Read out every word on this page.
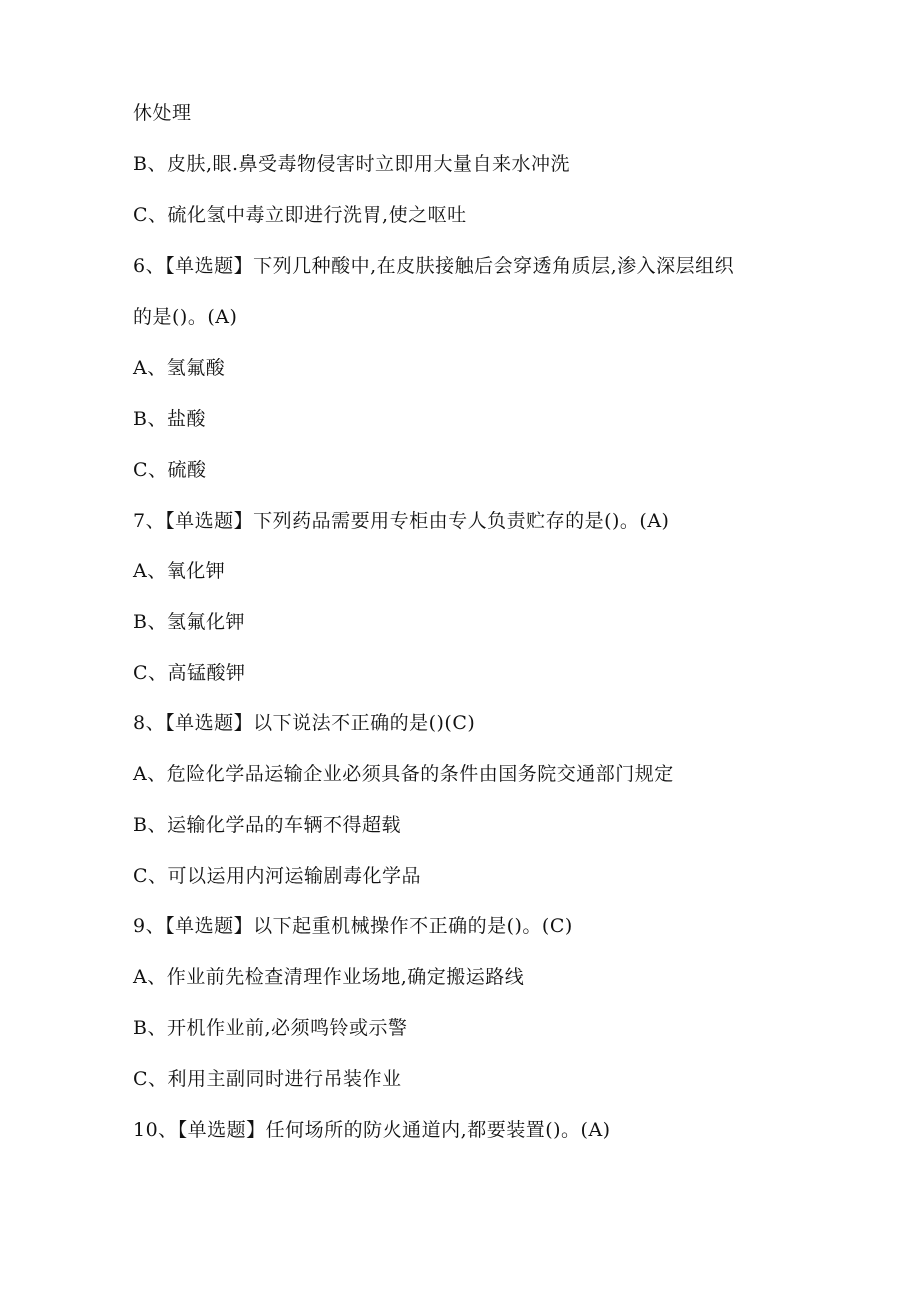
休处理
B、皮肤,眼.鼻受毒物侵害时立即用大量自来水冲洗
C、硫化氢中毒立即进行洗胃,使之呕吐
6、【单选题】下列几种酸中,在皮肤接触后会穿透角质层,渗入深层组织
的是()。(A)
A、氢氟酸
B、盐酸
C、硫酸
7、【单选题】下列药品需要用专柜由专人负责贮存的是()。(A)
A、氧化钾
B、氢氟化钾
C、高锰酸钾
8、【单选题】以下说法不正确的是()(C)
A、危险化学品运输企业必须具备的条件由国务院交通部门规定
B、运输化学品的车辆不得超载
C、可以运用内河运输剧毒化学品
9、【单选题】以下起重机械操作不正确的是()。(C)
A、作业前先检查清理作业场地,确定搬运路线
B、开机作业前,必须鸣铃或示警
C、利用主副同时进行吊装作业
10、【单选题】任何场所的防火通道内,都要装置()。(A)
